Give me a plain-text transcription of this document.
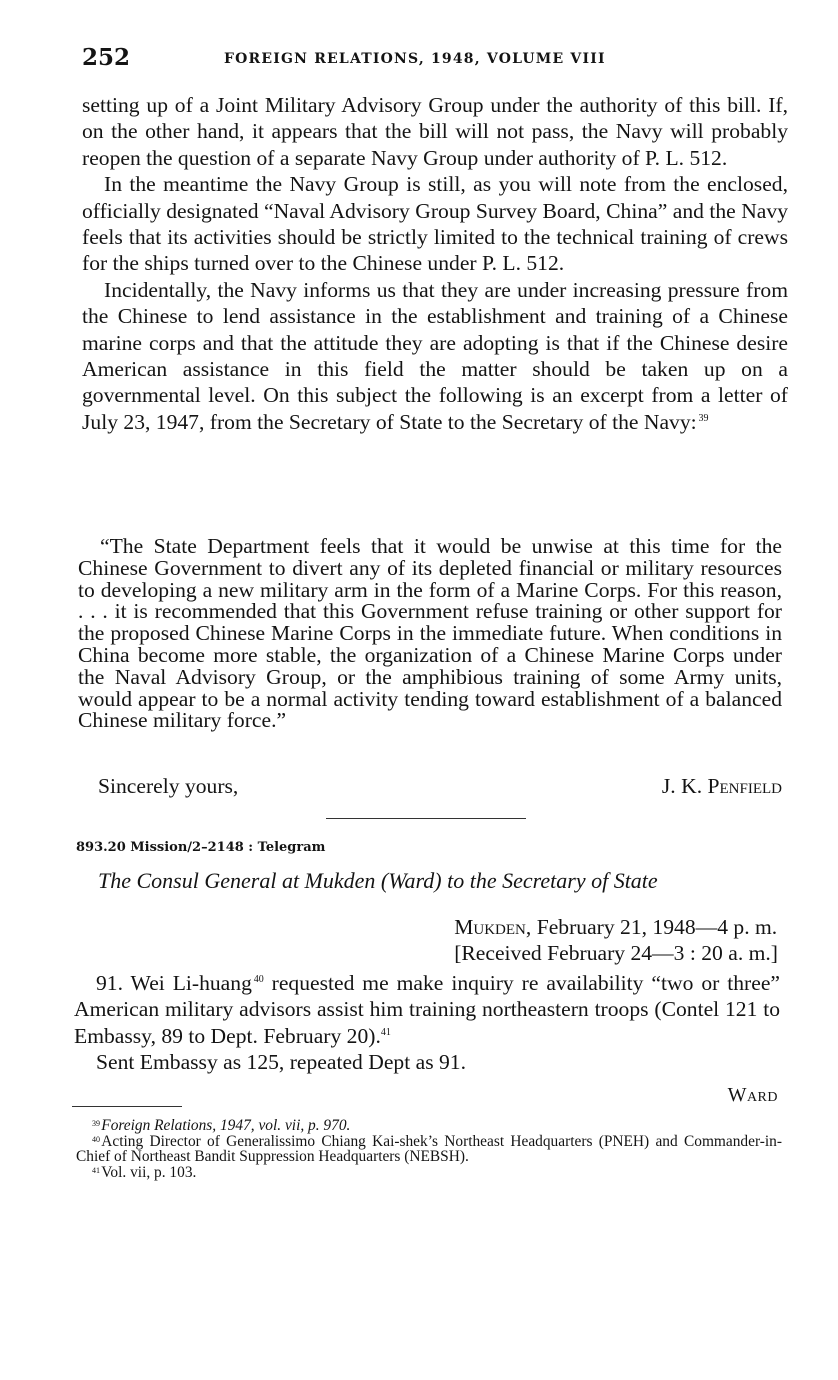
252	FOREIGN RELATIONS, 1948, VOLUME VIII

setting up of a Joint Military Advisory Group under the authority of this bill. If, on the other hand, it appears that the bill will not pass, the Navy will probably reopen the question of a separate Navy Group under authority of P. L. 512.

In the meantime the Navy Group is still, as you will note from the enclosed, officially designated “Naval Advisory Group Survey Board, China” and the Navy feels that its activities should be strictly limited to the technical training of crews for the ships turned over to the Chinese under P. L. 512.

Incidentally, the Navy informs us that they are under increasing pressure from the Chinese to lend assistance in the establishment and training of a Chinese marine corps and that the attitude they are adopting is that if the Chinese desire American assistance in this field the matter should be taken up on a governmental level. On this subject the following is an excerpt from a letter of July 23, 1947, from the Secretary of State to the Secretary of the Navy:  $^{39}$

“The State Department feels that it would be unwise at this time for the Chinese Government to divert any of its depleted financial or military resources to developing a new military arm in the form of a Marine Corps. For this reason, . . . it is recommended that this Government refuse training or other support for the proposed Chinese Marine Corps in the immediate future. When conditions in China become more stable, the organization of a Chinese Marine Corps under the Naval Advisory Group, or the amphibious training of some Army units, would appear to be a normal activity tending toward establishment of a balanced Chinese military force.”

Sincerely yours,	J. K. Penfield
893.20 Mission/2–2148 : Telegram
The Consul General at Mukden (Ward) to the Secretary of State
Mukden, February 21, 1948—4 p. m.
[Received February 24—3 : 20 a. m.]

91. Wei Li-huang  $^{40}$ requested me make inquiry re availability “two or three” American military advisors assist him training northeastern troops (Contel 121 to Embassy, 89 to Dept. February 20).$^{41}$

Sent Embassy as 125, repeated Dept as 91.

Ward

$^{39}$ Foreign Relations, 1947, vol. vii, p. 970.

$^{40}$ Acting Director of Generalissimo Chiang Kai-shek’s Northeast Headquarters (PNEH) and Commander-in-Chief of Northeast Bandit Suppression Headquarters (NEBSH).

$^{41}$ Vol. vii, p. 103.
